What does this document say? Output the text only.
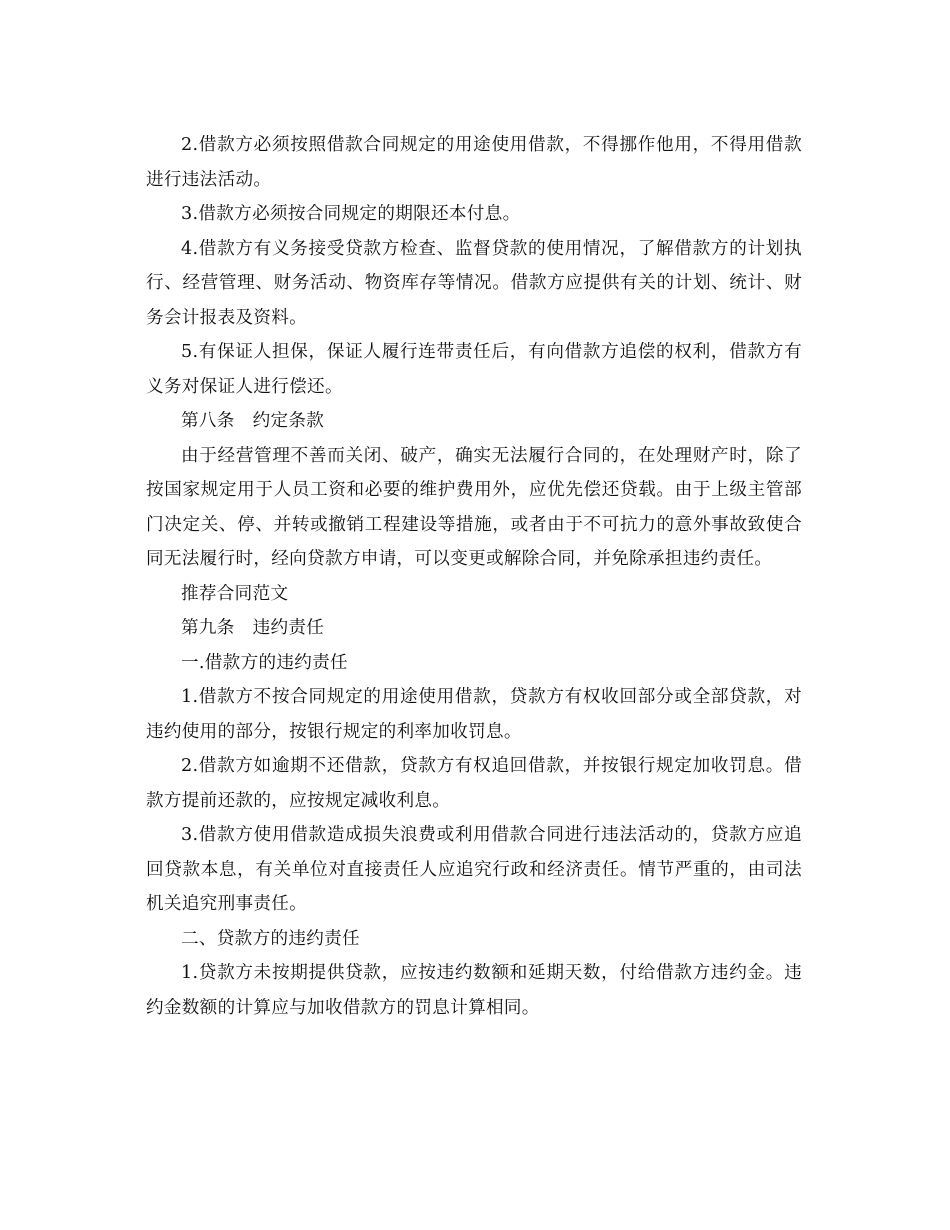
2.借款方必须按照借款合同规定的用途使用借款，不得挪作他用，不得用借款进行违法活动。

3.借款方必须按合同规定的期限还本付息。

4.借款方有义务接受贷款方检查、监督贷款的使用情况，了解借款方的计划执行、经营管理、财务活动、物资库存等情况。借款方应提供有关的计划、统计、财务会计报表及资料。

5.有保证人担保，保证人履行连带责任后，有向借款方追偿的权利，借款方有义务对保证人进行偿还。

第八条　约定条款

由于经营管理不善而关闭、破产，确实无法履行合同的，在处理财产时，除了按国家规定用于人员工资和必要的维护费用外，应优先偿还贷载。由于上级主管部门决定关、停、并转或撤销工程建设等措施，或者由于不可抗力的意外事故致使合同无法履行时，经向贷款方申请，可以变更或解除合同，并免除承担违约责任。

推荐合同范文

第九条　违约责任

一.借款方的违约责任

1.借款方不按合同规定的用途使用借款，贷款方有权收回部分或全部贷款，对违约使用的部分，按银行规定的利率加收罚息。

2.借款方如逾期不还借款，贷款方有权追回借款，并按银行规定加收罚息。借款方提前还款的，应按规定减收利息。

3.借款方使用借款造成损失浪费或利用借款合同进行违法活动的，贷款方应追回贷款本息，有关单位对直接责任人应追究行政和经济责任。情节严重的，由司法机关追究刑事责任。

二、贷款方的违约责任

1.贷款方未按期提供贷款，应按违约数额和延期天数，付给借款方违约金。违约金数额的计算应与加收借款方的罚息计算相同。
